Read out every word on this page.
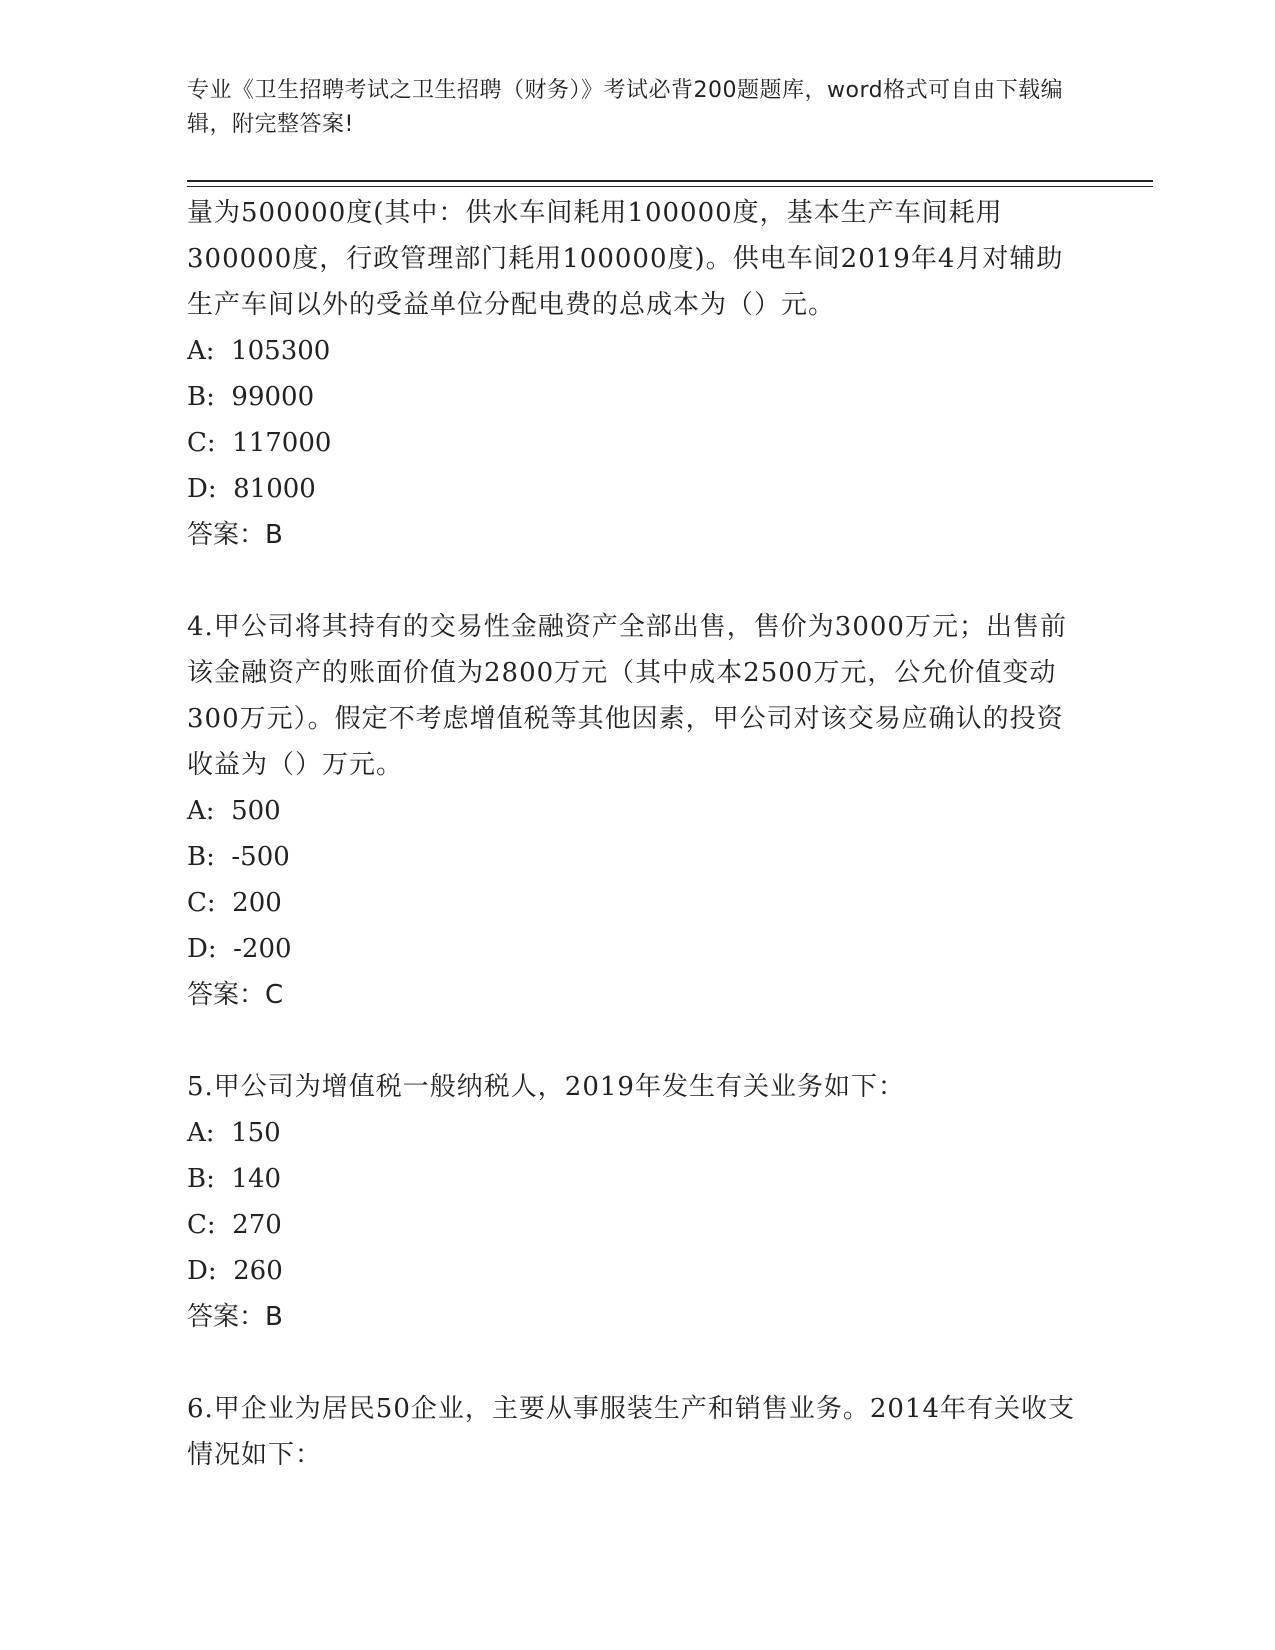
专业《卫生招聘考试之卫生招聘（财务）》考试必背200题题库，word格式可自由下载编辑，附完整答案!

量为500000度(其中：供水车间耗用100000度，基本生产车间耗用300000度，行政管理部门耗用100000度)。供电车间2019年4月对辅助生产车间以外的受益单位分配电费的总成本为（）元。

A:  105300

B:  99000

C:  117000

D:  81000

答案：B

4.甲公司将其持有的交易性金融资产全部出售，售价为3000万元；出售前该金融资产的账面价值为2800万元（其中成本2500万元，公允价值变动300万元）。假定不考虑增值税等其他因素，甲公司对该交易应确认的投资收益为（）万元。

A:  500

B:  -500

C:  200

D:  -200

答案：C

5.甲公司为增值税一般纳税人，2019年发生有关业务如下：

A:  150

B:  140

C:  270

D:  260

答案：B

6.甲企业为居民50企业，主要从事服装生产和销售业务。2014年有关收支情况如下：
